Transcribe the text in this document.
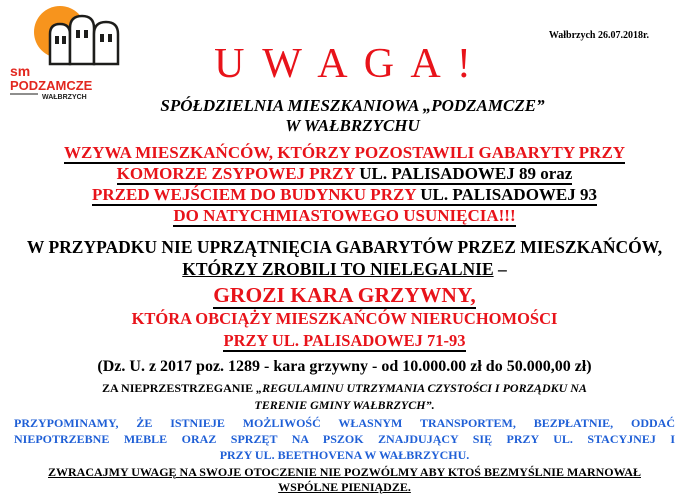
sm
PODZAMCZE
WAŁBRZYCH
Wałbrzych 26.07.2018r.
U W A G A !
SPÓŁDZIELNIA MIESZKANIOWA „PODZAMCZE”
W WAŁBRZYCHU
WZYWA MIESZKAŃCÓW, KTÓRZY POZOSTAWILI GABARYTY PRZY
KOMORZE ZSYPOWEJ PRZY UL. PALISADOWEJ 89 oraz
PRZED WEJŚCIEM DO BUDYNKU PRZY UL. PALISADOWEJ 93
DO NATYCHMIASTOWEGO USUNIĘCIA!!!
W PRZYPADKU NIE UPRZĄTNIĘCIA GABARYTÓW PRZEZ MIESZKAŃCÓW,
KTÓRZY ZROBILI TO NIELEGALNIE –
GROZI KARA GRZYWNY,
KTÓRA OBCIĄŻY MIESZKAŃCÓW NIERUCHOMOŚCI
PRZY UL. PALISADOWEJ 71-93
(Dz. U. z 2017 poz. 1289 - kara grzywny - od 10.000.00 zł do 50.000,00 zł)
ZA NIEPRZESTRZEGANIE „REGULAMINU UTRZYMANIA CZYSTOŚCI I PORZĄDKU NA
TERENIE GMINY WAŁBRZYCH”.
PRZYPOMINAMY, ŻE ISTNIEJE MOŻLIWOŚĆ WŁASNYM TRANSPORTEM, BEZPŁATNIE, ODDAĆ
NIEPOTRZEBNE MEBLE ORAZ SPRZĘT NA PSZOK ZNAJDUJĄCY SIĘ PRZY UL. STACYJNEJ I
PRZY UL. BEETHOVENA W WAŁBRZYCHU.
ZWRACAJMY UWAGĘ NA SWOJE OTOCZENIE NIE POZWÓLMY ABY KTOŚ BEZMYŚLNIE MARNOWAŁ
WSPÓLNE PIENIĄDZE.
